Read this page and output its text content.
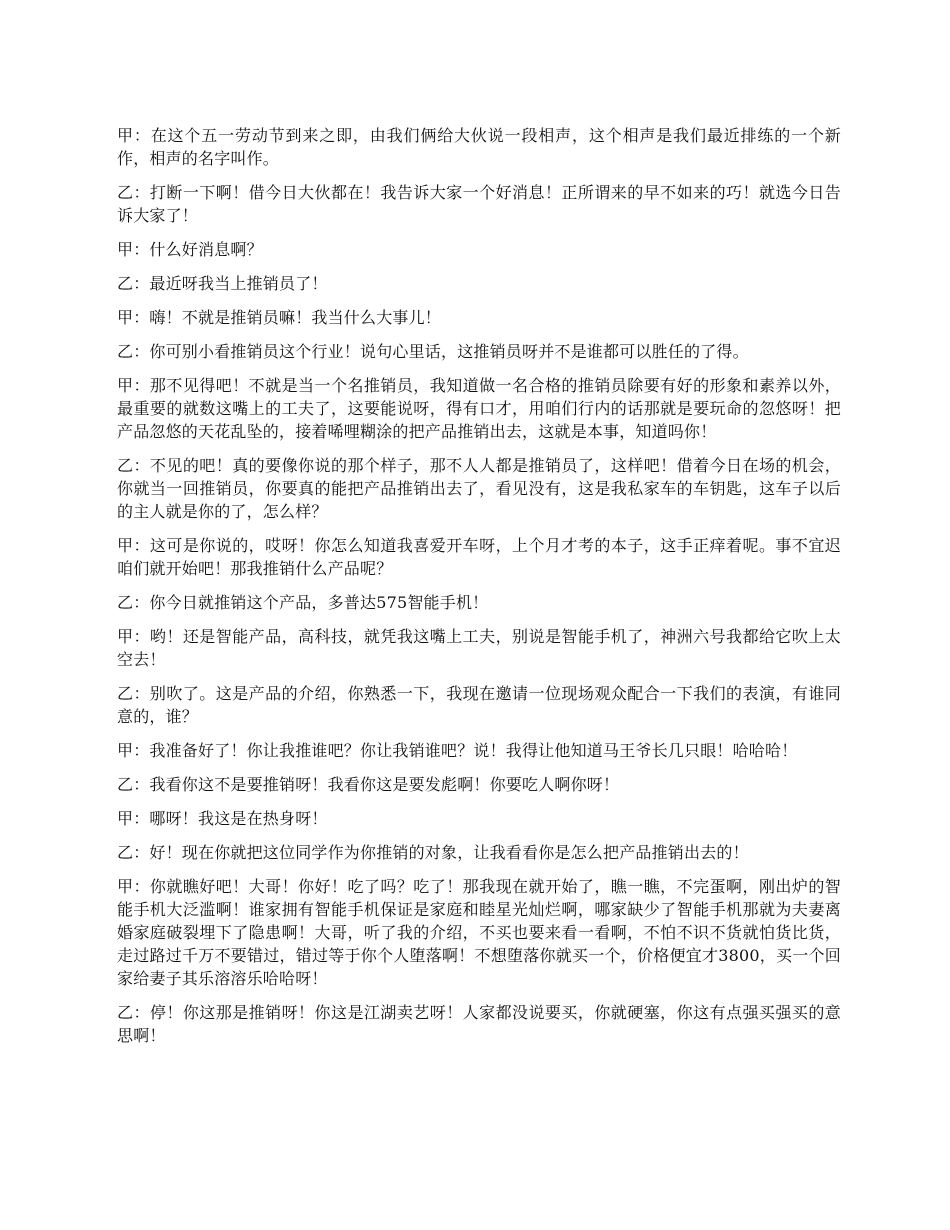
甲：在这个五一劳动节到来之即，由我们俩给大伙说一段相声，这个相声是我们最近排练的一个新作，相声的名字叫作。

乙：打断一下啊！借今日大伙都在！我告诉大家一个好消息！正所谓来的早不如来的巧！就选今日告诉大家了！

甲：什么好消息啊？

乙：最近呀我当上推销员了！

甲：嗨！不就是推销员嘛！我当什么大事儿！

乙：你可别小看推销员这个行业！说句心里话，这推销员呀并不是谁都可以胜任的了得。

甲：那不见得吧！不就是当一个名推销员，我知道做一名合格的推销员除要有好的形象和素养以外，最重要的就数这嘴上的工夫了，这要能说呀，得有口才，用咱们行内的话那就是要玩命的忽悠呀！把产品忽悠的天花乱坠的，接着唏哩糊涂的把产品推销出去，这就是本事，知道吗你！

乙：不见的吧！真的要像你说的那个样子，那不人人都是推销员了，这样吧！借着今日在场的机会，你就当一回推销员，你要真的能把产品推销出去了，看见没有，这是我私家车的车钥匙，这车子以后的主人就是你的了，怎么样？

甲：这可是你说的，哎呀！你怎么知道我喜爱开车呀，上个月才考的本子，这手正痒着呢。事不宜迟咱们就开始吧！那我推销什么产品呢？

乙：你今日就推销这个产品，多普达575智能手机！

甲：哟！还是智能产品，高科技，就凭我这嘴上工夫，别说是智能手机了，神洲六号我都给它吹上太空去！

乙：别吹了。这是产品的介绍，你熟悉一下，我现在邀请一位现场观众配合一下我们的表演，有谁同意的，谁？

甲：我准备好了！你让我推谁吧？你让我销谁吧？说！我得让他知道马王爷长几只眼！哈哈哈！

乙：我看你这不是要推销呀！我看你这是要发彪啊！你要吃人啊你呀！

甲：哪呀！我这是在热身呀！

乙：好！现在你就把这位同学作为你推销的对象，让我看看你是怎么把产品推销出去的！

甲：你就瞧好吧！大哥！你好！吃了吗？吃了！那我现在就开始了，瞧一瞧，不完蛋啊，刚出炉的智能手机大泛滥啊！谁家拥有智能手机保证是家庭和睦星光灿烂啊，哪家缺少了智能手机那就为夫妻离婚家庭破裂埋下了隐患啊！大哥，听了我的介绍，不买也要来看一看啊，不怕不识不货就怕货比货，走过路过千万不要错过，错过等于你个人堕落啊！不想堕落你就买一个，价格便宜才3800，买一个回家给妻子其乐溶溶乐哈哈呀！

乙：停！你这那是推销呀！你这是江湖卖艺呀！人家都没说要买，你就硬塞，你这有点强买强买的意思啊！
